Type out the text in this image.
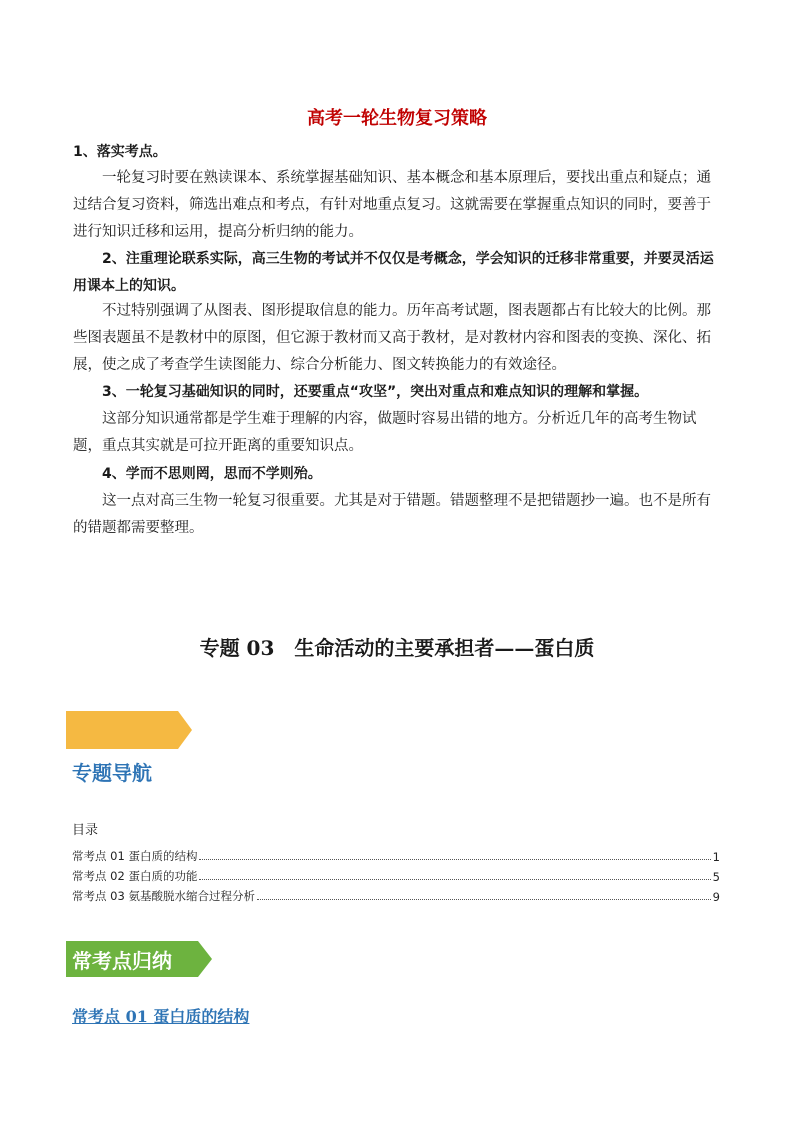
高考一轮生物复习策略

1、落实考点。

一轮复习时要在熟读课本、系统掌握基础知识、基本概念和基本原理后，要找出重点和疑点；通过结合复习资料，筛选出难点和考点，有针对地重点复习。这就需要在掌握重点知识的同时，要善于进行知识迁移和运用，提高分析归纳的能力。

2、注重理论联系实际，高三生物的考试并不仅仅是考概念，学会知识的迁移非常重要，并要灵活运用课本上的知识。

不过特别强调了从图表、图形提取信息的能力。历年高考试题，图表题都占有比较大的比例。那些图表题虽不是教材中的原图，但它源于教材而又高于教材，是对教材内容和图表的变换、深化、拓展，使之成了考查学生读图能力、综合分析能力、图文转换能力的有效途径。

3、一轮复习基础知识的同时，还要重点“攻坚”，突出对重点和难点知识的理解和掌握。

这部分知识通常都是学生难于理解的内容，做题时容易出错的地方。分析近几年的高考生物试题，重点其实就是可拉开距离的重要知识点。

4、学而不思则罔，思而不学则殆。

这一点对高三生物一轮复习很重要。尤其是对于错题。错题整理不是把错题抄一遍。也不是所有的错题都需要整理。

专题 03　生命活动的主要承担者——蛋白质
专题导航
目录
常考点 01 蛋白质的结构	1
常考点 02 蛋白质的功能	5
常考点 03 氨基酸脱水缩合过程分析	9
常考点归纳
常考点 01 蛋白质的结构
